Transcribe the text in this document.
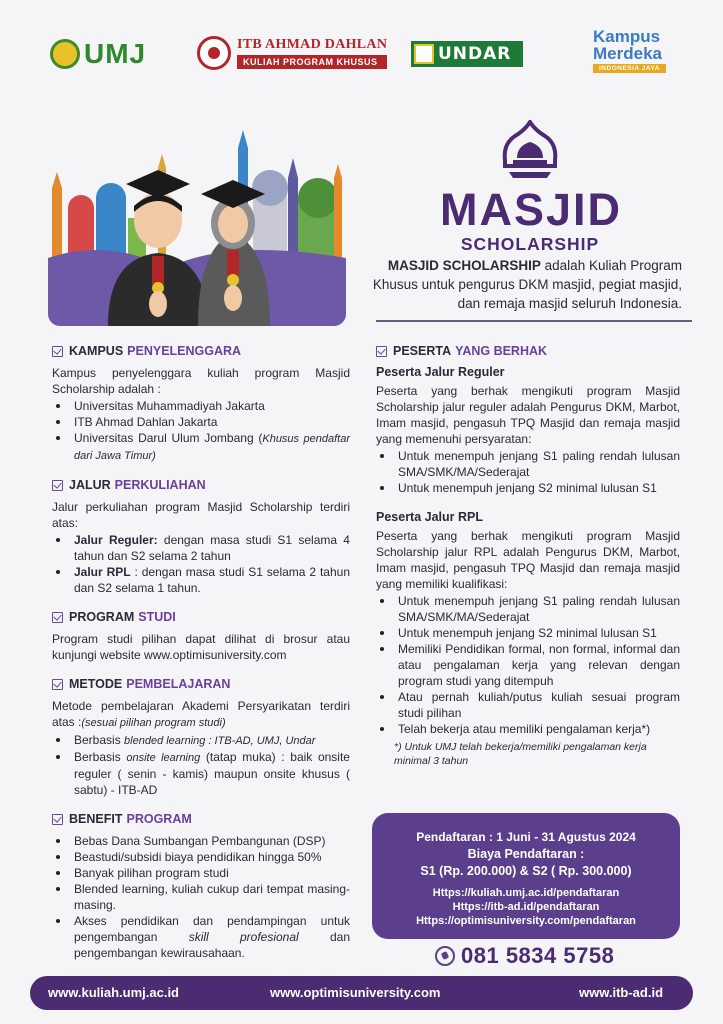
UMJ	ITB AHMAD DAHLAN
KULIAH PROGRAM KHUSUS	UNDAR
Kampus
Merdeka
INDONESIA JAYA
MASJID
SCHOLARSHIP
MASJID SCHOLARSHIP adalah Kuliah Program Khusus untuk pengurus DKM masjid, pegiat masjid, dan remaja masjid seluruh Indonesia.
KAMPUS PENYELENGGARA
Kampus penyelenggara kuliah program Masjid Scholarship adalah :
Universitas Muhammadiyah Jakarta
ITB Ahmad Dahlan Jakarta
Universitas Darul Ulum Jombang (Khusus pendaftar dari Jawa Timur)
JALUR PERKULIAHAN
Jalur perkuliahan program Masjid Scholarship terdiri atas:
Jalur Reguler: dengan masa studi S1 selama 4 tahun dan S2 selama 2 tahun
Jalur RPL : dengan masa studi S1 selama 2 tahun dan S2 selama 1 tahun.
PROGRAM STUDI
Program studi pilihan dapat dilihat di brosur atau kunjungi website www.optimisuniversity.com
METODE PEMBELAJARAN
Metode pembelajaran Akademi Persyarikatan terdiri atas :(sesuai pilihan program studi)
Berbasis blended learning : ITB-AD, UMJ, Undar
Berbasis onsite learning (tatap muka) : baik onsite reguler ( senin - kamis) maupun onsite khusus ( sabtu) - ITB-AD
BENEFIT PROGRAM
Bebas Dana Sumbangan Pembangunan (DSP)
Beastudi/subsidi biaya pendidikan hingga 50%
Banyak pilihan program studi
Blended learning, kuliah cukup dari tempat masing-masing.
Akses pendidikan dan pendampingan untuk pengembangan skill profesional dan pengembangan kewirausahaan.
PESERTA YANG BERHAK
Peserta Jalur Reguler
Peserta yang berhak mengikuti program Masjid Scholarship jalur reguler adalah Pengurus DKM, Marbot, Imam masjid, pengasuh TPQ Masjid dan remaja masjid yang memenuhi persyaratan:
Untuk menempuh jenjang S1 paling rendah lulusan SMA/SMK/MA/Sederajat
Untuk menempuh jenjang S2 minimal lulusan S1
Peserta Jalur RPL
Peserta yang berhak mengikuti program Masjid Scholarship jalur RPL adalah Pengurus DKM, Marbot, Imam masjid, pengasuh TPQ Masjid dan remaja masjid yang memiliki kualifikasi:
Untuk menempuh jenjang S1 paling rendah lulusan SMA/SMK/MA/Sederajat
Untuk menempuh jenjang S2 minimal lulusan S1
Memiliki Pendidikan formal, non formal, informal dan atau pengalaman kerja yang relevan dengan program studi yang ditempuh
Atau pernah kuliah/putus kuliah sesuai program studi pilihan
Telah bekerja atau memiliki pengalaman kerja*)
*) Untuk UMJ telah bekerja/memiliki pengalaman kerja minimal 3 tahun
Pendaftaran : 1 Juni - 31 Agustus 2024
Biaya Pendaftaran :
S1 (Rp. 200.000) & S2 ( Rp. 300.000)
Https://kuliah.umj.ac.id/pendaftaran
Https://itb-ad.id/pendaftaran
Https://optimisuniversity.com/pendaftaran
081 5834 5758
www.kuliah.umj.ac.id	www.optimisuniversity.com	www.itb-ad.id
